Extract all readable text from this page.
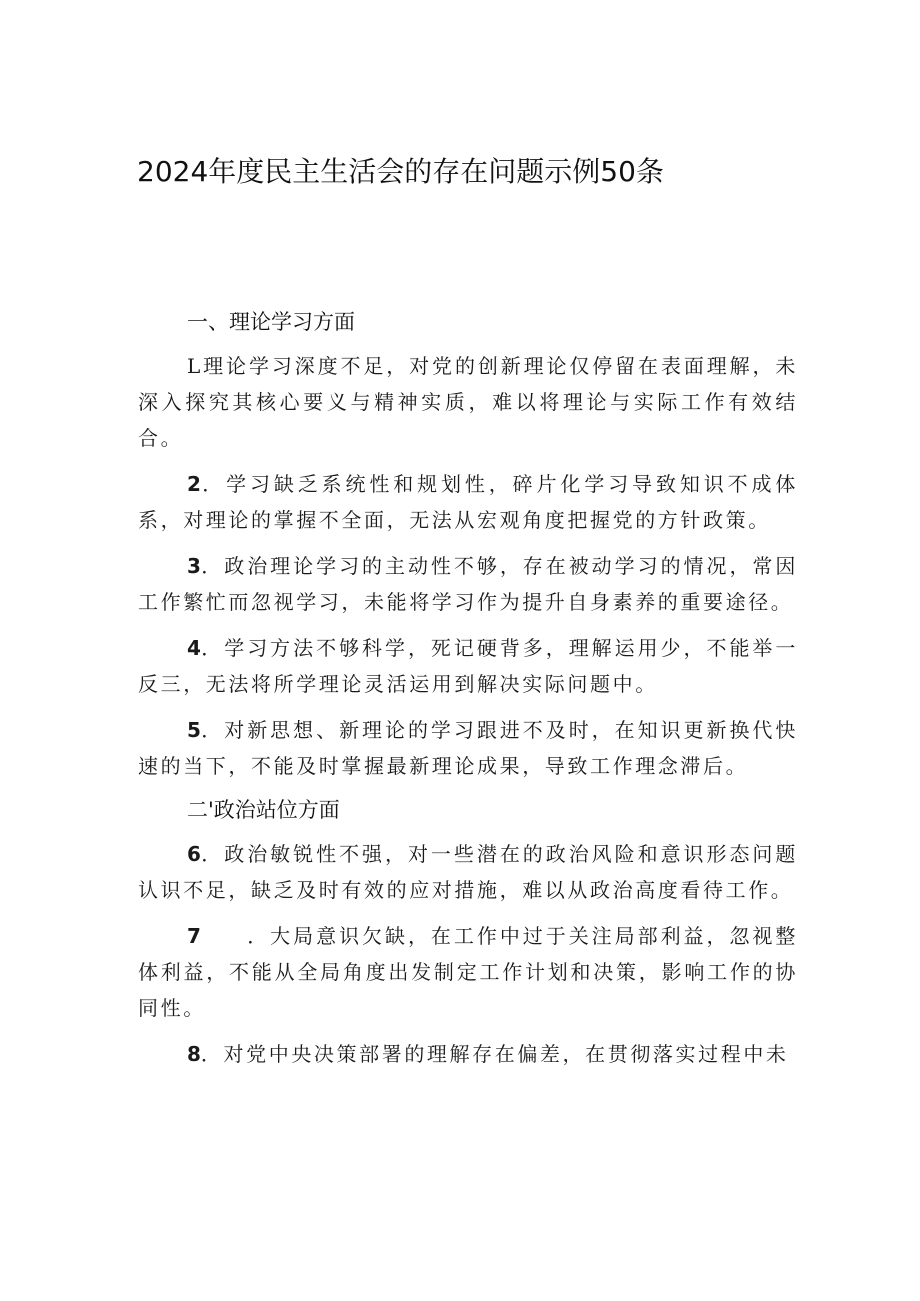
2024年度民主生活会的存在问题示例50条
一、理论学习方面

L理论学习深度不足，对党的创新理论仅停留在表面理解，未深入探究其核心要义与精神实质，难以将理论与实际工作有效结合。

2．学习缺乏系统性和规划性，碎片化学习导致知识不成体系，对理论的掌握不全面，无法从宏观角度把握党的方针政策。

3．政治理论学习的主动性不够，存在被动学习的情况，常因工作繁忙而忽视学习，未能将学习作为提升自身素养的重要途径。

4．学习方法不够科学，死记硬背多，理解运用少，不能举一反三，无法将所学理论灵活运用到解决实际问题中。

5．对新思想、新理论的学习跟进不及时，在知识更新换代快速的当下，不能及时掌握最新理论成果，导致工作理念滞后。

二'政治站位方面

6．政治敏锐性不强，对一些潜在的政治风险和意识形态问题认识不足，缺乏及时有效的应对措施，难以从政治高度看待工作。

7　　．大局意识欠缺，在工作中过于关注局部利益，忽视整体利益，不能从全局角度出发制定工作计划和决策，影响工作的协同性。

8．对党中央决策部署的理解存在偏差，在贯彻落实过程中未
